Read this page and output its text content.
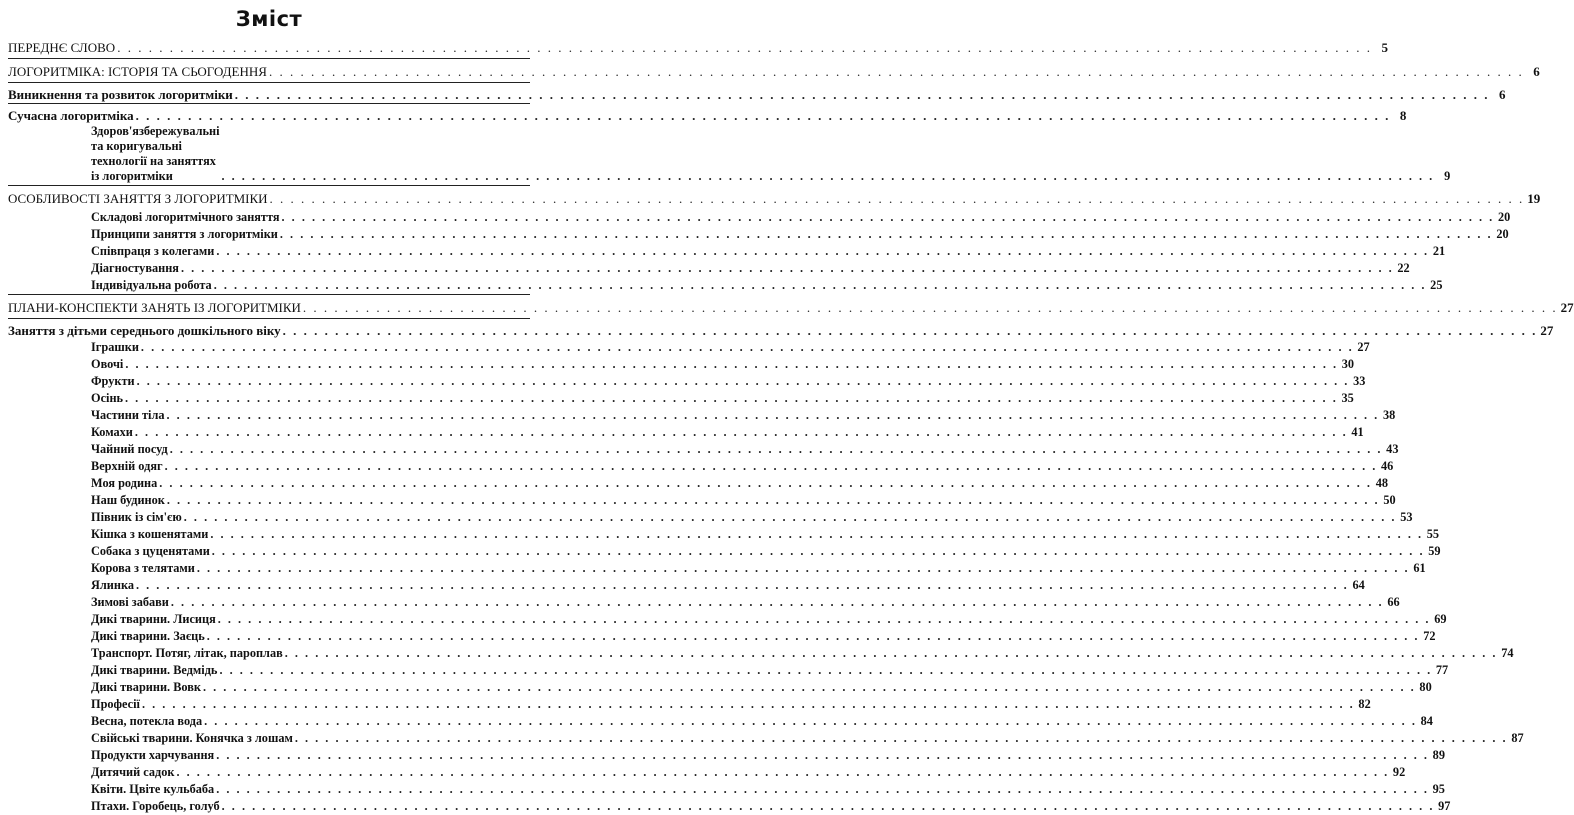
Зміст
ПЕРЕДНЄ СЛОВО . . . . . . . . . . . . . . . . . . . . . . . . . . . . . . . . . . . . . . . . . . . . . . . . . . . . . . . . . . . . . . . . . . . . . . . . . . . . . . . . . . . . . . . . . . . . . . . . . . . . . . . . . . . . . . . . . . . . . . . . 5
ЛОГОРИТМІКА: ІСТОРІЯ ТА СЬОГОДЕННЯ . . . . . . . . . . . . . . . . . . . . . . . . . . . . . . . . . . . . . . . . . . . . . . . . . . . . . . . . . . . . . . . . . . . . . . . . . . . . . . . . . . . . . . . . . . . . . . . . . . . . . . . . . . . . . . . . . . . . . . . . 6
Виникнення та розвиток логоритміки . . . . . . . . . . . . . . . . . . . . . . . . . . . . . . . . . . . . . . . . . . . . . . . . . . . . . . . . . . . . . . . . . . . . . . . . . . . . . . . . . . . . . . . . . . . . . . . . . . . . . . . . . . . . . . . . . . . . . . . . 6
Сучасна логоритміка . . . . . . . . . . . . . . . . . . . . . . . . . . . . . . . . . . . . . . . . . . . . . . . . . . . . . . . . . . . . . . . . . . . . . . . . . . . . . . . . . . . . . . . . . . . . . . . . . . . . . . . . . . . . . . . . . . . . . . . . 8
Здоров'язбережувальні та коригувальні технології на заняттях із логоритміки	. . . . . . . . . . . . . . . . . . . . . . . . . . . . . . . . . . . . . . . . . . . . . . . . . . . . . . . . . . . . . . . . . . . . . . . . . . . . . . . . . . . . . . . . . . . . . . . . . . . . . . . . . . . . . . . . . . . . . . . . 9
ОСОБЛИВОСТІ ЗАНЯТТЯ З ЛОГОРИТМІКИ . . . . . . . . . . . . . . . . . . . . . . . . . . . . . . . . . . . . . . . . . . . . . . . . . . . . . . . . . . . . . . . . . . . . . . . . . . . . . . . . . . . . . . . . . . . . . . . . . . . . . . . . . . . . . . . . . . . . . . . . 19
Складові логоритмічного заняття . . . . . . . . . . . . . . . . . . . . . . . . . . . . . . . . . . . . . . . . . . . . . . . . . . . . . . . . . . . . . . . . . . . . . . . . . . . . . . . . . . . . . . . . . . . . . . . . . . . . . . . . . . . . . . . . . . . . . . . . 20
Принципи заняття з логоритміки . . . . . . . . . . . . . . . . . . . . . . . . . . . . . . . . . . . . . . . . . . . . . . . . . . . . . . . . . . . . . . . . . . . . . . . . . . . . . . . . . . . . . . . . . . . . . . . . . . . . . . . . . . . . . . . . . . . . . . . . 20
Співпраця з колегами . . . . . . . . . . . . . . . . . . . . . . . . . . . . . . . . . . . . . . . . . . . . . . . . . . . . . . . . . . . . . . . . . . . . . . . . . . . . . . . . . . . . . . . . . . . . . . . . . . . . . . . . . . . . . . . . . . . . . . . . 21
Діагностування . . . . . . . . . . . . . . . . . . . . . . . . . . . . . . . . . . . . . . . . . . . . . . . . . . . . . . . . . . . . . . . . . . . . . . . . . . . . . . . . . . . . . . . . . . . . . . . . . . . . . . . . . . . . . . . . . . . . . . . . 22
Індивідуальна робота . . . . . . . . . . . . . . . . . . . . . . . . . . . . . . . . . . . . . . . . . . . . . . . . . . . . . . . . . . . . . . . . . . . . . . . . . . . . . . . . . . . . . . . . . . . . . . . . . . . . . . . . . . . . . . . . . . . . . . . . 25
ПЛАНИ-КОНСПЕКТИ ЗАНЯТЬ ІЗ ЛОГОРИТМІКИ . . . . . . . . . . . . . . . . . . . . . . . . . . . . . . . . . . . . . . . . . . . . . . . . . . . . . . . . . . . . . . . . . . . . . . . . . . . . . . . . . . . . . . . . . . . . . . . . . . . . . . . . . . . . . . . . . . . . . . . . 27
Заняття з дітьми середнього дошкільного віку . . . . . . . . . . . . . . . . . . . . . . . . . . . . . . . . . . . . . . . . . . . . . . . . . . . . . . . . . . . . . . . . . . . . . . . . . . . . . . . . . . . . . . . . . . . . . . . . . . . . . . . . . . . . . . . . . . . . . . . . 27
Іграшки . . . . . . . . . . . . . . . . . . . . . . . . . . . . . . . . . . . . . . . . . . . . . . . . . . . . . . . . . . . . . . . . . . . . . . . . . . . . . . . . . . . . . . . . . . . . . . . . . . . . . . . . . . . . . . . . . . . . . . . . 27
Овочі . . . . . . . . . . . . . . . . . . . . . . . . . . . . . . . . . . . . . . . . . . . . . . . . . . . . . . . . . . . . . . . . . . . . . . . . . . . . . . . . . . . . . . . . . . . . . . . . . . . . . . . . . . . . . . . . . . . . . . . . 30
Фрукти . . . . . . . . . . . . . . . . . . . . . . . . . . . . . . . . . . . . . . . . . . . . . . . . . . . . . . . . . . . . . . . . . . . . . . . . . . . . . . . . . . . . . . . . . . . . . . . . . . . . . . . . . . . . . . . . . . . . . . . . 33
Осінь . . . . . . . . . . . . . . . . . . . . . . . . . . . . . . . . . . . . . . . . . . . . . . . . . . . . . . . . . . . . . . . . . . . . . . . . . . . . . . . . . . . . . . . . . . . . . . . . . . . . . . . . . . . . . . . . . . . . . . . . 35
Частини тіла . . . . . . . . . . . . . . . . . . . . . . . . . . . . . . . . . . . . . . . . . . . . . . . . . . . . . . . . . . . . . . . . . . . . . . . . . . . . . . . . . . . . . . . . . . . . . . . . . . . . . . . . . . . . . . . . . . . . . . . . 38
Комахи . . . . . . . . . . . . . . . . . . . . . . . . . . . . . . . . . . . . . . . . . . . . . . . . . . . . . . . . . . . . . . . . . . . . . . . . . . . . . . . . . . . . . . . . . . . . . . . . . . . . . . . . . . . . . . . . . . . . . . . . 41
Чайний посуд . . . . . . . . . . . . . . . . . . . . . . . . . . . . . . . . . . . . . . . . . . . . . . . . . . . . . . . . . . . . . . . . . . . . . . . . . . . . . . . . . . . . . . . . . . . . . . . . . . . . . . . . . . . . . . . . . . . . . . . . 43
Верхній одяг . . . . . . . . . . . . . . . . . . . . . . . . . . . . . . . . . . . . . . . . . . . . . . . . . . . . . . . . . . . . . . . . . . . . . . . . . . . . . . . . . . . . . . . . . . . . . . . . . . . . . . . . . . . . . . . . . . . . . . . . 46
Моя родина . . . . . . . . . . . . . . . . . . . . . . . . . . . . . . . . . . . . . . . . . . . . . . . . . . . . . . . . . . . . . . . . . . . . . . . . . . . . . . . . . . . . . . . . . . . . . . . . . . . . . . . . . . . . . . . . . . . . . . . . 48
Наш будинок . . . . . . . . . . . . . . . . . . . . . . . . . . . . . . . . . . . . . . . . . . . . . . . . . . . . . . . . . . . . . . . . . . . . . . . . . . . . . . . . . . . . . . . . . . . . . . . . . . . . . . . . . . . . . . . . . . . . . . . . 50
Півник із сім'єю . . . . . . . . . . . . . . . . . . . . . . . . . . . . . . . . . . . . . . . . . . . . . . . . . . . . . . . . . . . . . . . . . . . . . . . . . . . . . . . . . . . . . . . . . . . . . . . . . . . . . . . . . . . . . . . . . . . . . . . . 53
Кішка з кошенятами . . . . . . . . . . . . . . . . . . . . . . . . . . . . . . . . . . . . . . . . . . . . . . . . . . . . . . . . . . . . . . . . . . . . . . . . . . . . . . . . . . . . . . . . . . . . . . . . . . . . . . . . . . . . . . . . . . . . . . . . 55
Собака з цуценятами . . . . . . . . . . . . . . . . . . . . . . . . . . . . . . . . . . . . . . . . . . . . . . . . . . . . . . . . . . . . . . . . . . . . . . . . . . . . . . . . . . . . . . . . . . . . . . . . . . . . . . . . . . . . . . . . . . . . . . . . 59
Корова з телятами . . . . . . . . . . . . . . . . . . . . . . . . . . . . . . . . . . . . . . . . . . . . . . . . . . . . . . . . . . . . . . . . . . . . . . . . . . . . . . . . . . . . . . . . . . . . . . . . . . . . . . . . . . . . . . . . . . . . . . . . 61
Ялинка . . . . . . . . . . . . . . . . . . . . . . . . . . . . . . . . . . . . . . . . . . . . . . . . . . . . . . . . . . . . . . . . . . . . . . . . . . . . . . . . . . . . . . . . . . . . . . . . . . . . . . . . . . . . . . . . . . . . . . . . 64
Зимові забави . . . . . . . . . . . . . . . . . . . . . . . . . . . . . . . . . . . . . . . . . . . . . . . . . . . . . . . . . . . . . . . . . . . . . . . . . . . . . . . . . . . . . . . . . . . . . . . . . . . . . . . . . . . . . . . . . . . . . . . . 66
Дикі тварини. Лисиця . . . . . . . . . . . . . . . . . . . . . . . . . . . . . . . . . . . . . . . . . . . . . . . . . . . . . . . . . . . . . . . . . . . . . . . . . . . . . . . . . . . . . . . . . . . . . . . . . . . . . . . . . . . . . . . . . . . . . . . . 69
Дикі тварини. Заєць . . . . . . . . . . . . . . . . . . . . . . . . . . . . . . . . . . . . . . . . . . . . . . . . . . . . . . . . . . . . . . . . . . . . . . . . . . . . . . . . . . . . . . . . . . . . . . . . . . . . . . . . . . . . . . . . . . . . . . . . 72
Транспорт. Потяг, літак, пароплав . . . . . . . . . . . . . . . . . . . . . . . . . . . . . . . . . . . . . . . . . . . . . . . . . . . . . . . . . . . . . . . . . . . . . . . . . . . . . . . . . . . . . . . . . . . . . . . . . . . . . . . . . . . . . . . . . . . . . . . . 74
Дикі тварини. Ведмідь . . . . . . . . . . . . . . . . . . . . . . . . . . . . . . . . . . . . . . . . . . . . . . . . . . . . . . . . . . . . . . . . . . . . . . . . . . . . . . . . . . . . . . . . . . . . . . . . . . . . . . . . . . . . . . . . . . . . . . . . 77
Дикі тварини. Вовк . . . . . . . . . . . . . . . . . . . . . . . . . . . . . . . . . . . . . . . . . . . . . . . . . . . . . . . . . . . . . . . . . . . . . . . . . . . . . . . . . . . . . . . . . . . . . . . . . . . . . . . . . . . . . . . . . . . . . . . . 80
Професії . . . . . . . . . . . . . . . . . . . . . . . . . . . . . . . . . . . . . . . . . . . . . . . . . . . . . . . . . . . . . . . . . . . . . . . . . . . . . . . . . . . . . . . . . . . . . . . . . . . . . . . . . . . . . . . . . . . . . . . . 82
Весна, потекла вода . . . . . . . . . . . . . . . . . . . . . . . . . . . . . . . . . . . . . . . . . . . . . . . . . . . . . . . . . . . . . . . . . . . . . . . . . . . . . . . . . . . . . . . . . . . . . . . . . . . . . . . . . . . . . . . . . . . . . . . . 84
Свійські тварини. Конячка з лошам . . . . . . . . . . . . . . . . . . . . . . . . . . . . . . . . . . . . . . . . . . . . . . . . . . . . . . . . . . . . . . . . . . . . . . . . . . . . . . . . . . . . . . . . . . . . . . . . . . . . . . . . . . . . . . . . . . . . . . . . 87
Продукти харчування . . . . . . . . . . . . . . . . . . . . . . . . . . . . . . . . . . . . . . . . . . . . . . . . . . . . . . . . . . . . . . . . . . . . . . . . . . . . . . . . . . . . . . . . . . . . . . . . . . . . . . . . . . . . . . . . . . . . . . . . 89
Дитячий садок . . . . . . . . . . . . . . . . . . . . . . . . . . . . . . . . . . . . . . . . . . . . . . . . . . . . . . . . . . . . . . . . . . . . . . . . . . . . . . . . . . . . . . . . . . . . . . . . . . . . . . . . . . . . . . . . . . . . . . . . 92
Квіти. Цвіте кульбаба . . . . . . . . . . . . . . . . . . . . . . . . . . . . . . . . . . . . . . . . . . . . . . . . . . . . . . . . . . . . . . . . . . . . . . . . . . . . . . . . . . . . . . . . . . . . . . . . . . . . . . . . . . . . . . . . . . . . . . . . 95
Птахи. Горобець, голуб . . . . . . . . . . . . . . . . . . . . . . . . . . . . . . . . . . . . . . . . . . . . . . . . . . . . . . . . . . . . . . . . . . . . . . . . . . . . . . . . . . . . . . . . . . . . . . . . . . . . . . . . . . . . . . . . . . . . . . . . 97
